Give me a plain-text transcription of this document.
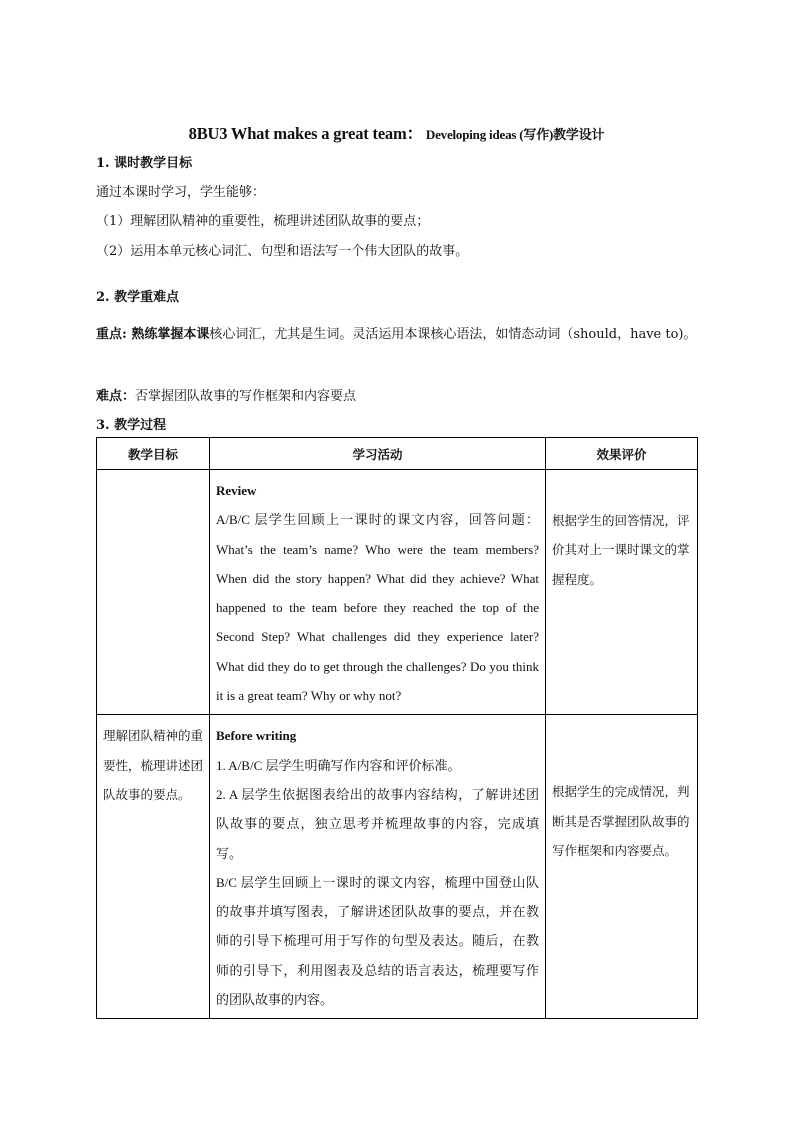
8BU3 What makes a great team： Developing ideas (写作)教学设计
1. 课时教学目标
通过本课时学习，学生能够：
（1）理解团队精神的重要性，梳理讲述团队故事的要点；
（2）运用本单元核心词汇、句型和语法写一个伟大团队的故事。
2. 教学重难点
重点: 熟练掌握本课核心词汇，尤其是生词。灵活运用本课核心语法，如情态动词（should，have to)。
难点：否掌握团队故事的写作框架和内容要点
3. 教学过程
教学目标	学习活动	效果评价

	Review
A/B/C 层学生回顾上一课时的课文内容，回答问题：What’s the team’s name? Who were the team members? When did the story happen? What did they achieve? What happened to the team before they reached the top of the Second Step? What challenges did they experience later? What did they do to get through the challenges? Do you think it is a great team? Why or why not?	根据学生的回答情况，评价其对上一课时课文的掌握程度。

理解团队精神的重要性，梳理讲述团队故事的要点。	Before writing
1. A/B/C 层学生明确写作内容和评价标准。
2. A 层学生依据图表给出的故事内容结构，了解讲述团队故事的要点，独立思考并梳理故事的内容，完成填写。
B/C 层学生回顾上一课时的课文内容，梳理中国登山队的故事并填写图表，了解讲述团队故事的要点，并在教师的引导下梳理可用于写作的句型及表达。随后，在教师的引导下，利用图表及总结的语言表达，梳理要写作的团队故事的内容。	根据学生的完成情况，判断其是否掌握团队故事的写作框架和内容要点。
